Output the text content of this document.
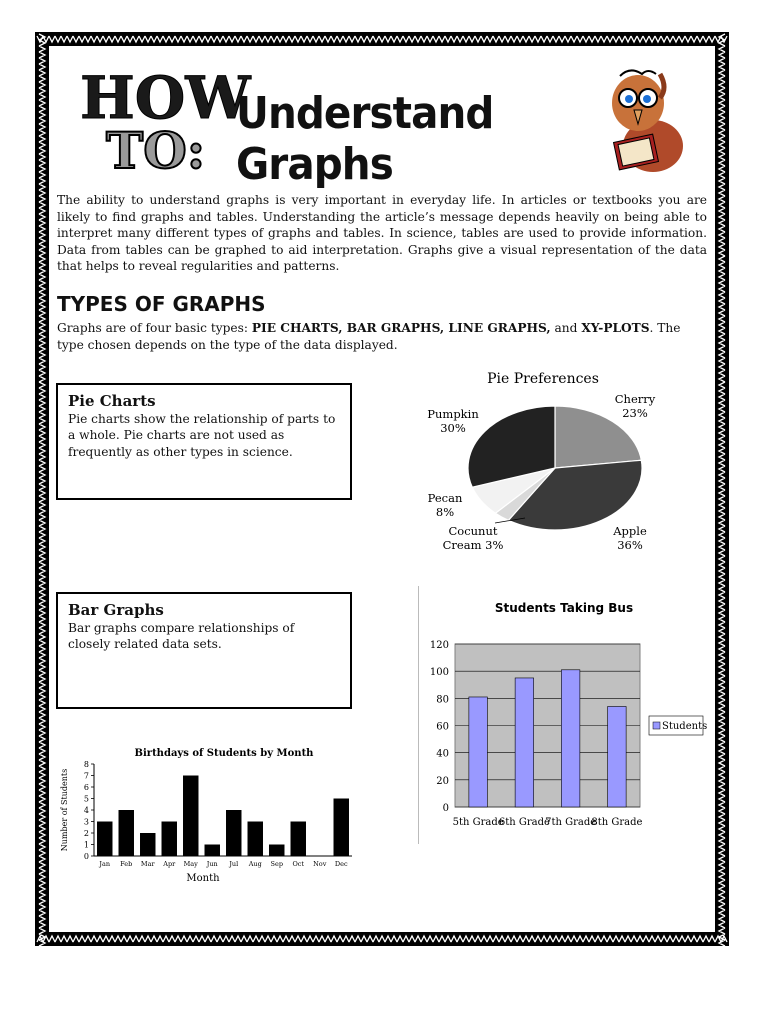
HOW
TO:
Understand Graphs
The ability to understand graphs is very important in everyday life. In articles or textbooks you are likely to find graphs and tables. Understanding the article’s message depends heavily on being able to interpret many different types of graphs and tables. In science, tables are used to provide information. Data from tables can be graphed to aid interpretation. Graphs give a visual representation of the data that helps to reveal regularities and patterns.
TYPES OF GRAPHS
Graphs are of four basic types: PIE CHARTS, BAR GRAPHS, LINE GRAPHS, and XY-PLOTS. The type chosen depends on the type of the data displayed.
Pie Charts

Pie charts show the relationship of parts to a whole. Pie charts are not used as frequently as other types in science.

Bar Graphs

Bar graphs compare relationships of closely related data sets.

Pie Preferences
Cherry
23%
Apple
36%
Cocunut
Cream 3%
Pecan
8%
Pumpkin
30%
Students Taking Bus
0
20
40
60
80
100
120
5th Grade
6th Grade
7th Grade
8th Grade
Students
Birthdays of Students by Month
0
1
2
3
4
5
6
7
8
Jan Feb Mar Apr May Jun Jul Aug Sep Oct Nov Dec
Month
Number of Students
